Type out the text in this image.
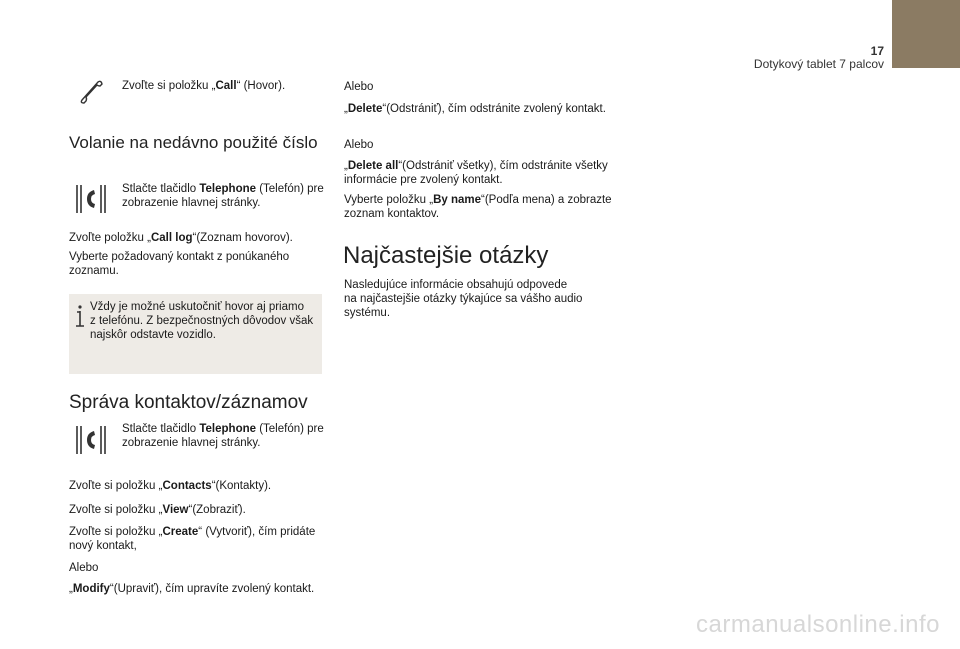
17
Dotykový tablet 7 palcov
Zvoľte si položku „Call“ (Hovor).
Volanie na nedávno použité číslo
Stlačte tlačidlo Telephone (Telefón) pre
zobrazenie hlavnej stránky.
Zvoľte položku „Call log“(Zoznam hovorov).
Vyberte požadovaný kontakt z ponúkaného
zoznamu.
Vždy je možné uskutočniť hovor aj priamo
z telefónu. Z bezpečnostných dôvodov však
najskôr odstavte vozidlo.
Správa kontaktov/záznamov
Stlačte tlačidlo Telephone (Telefón) pre
zobrazenie hlavnej stránky.
Zvoľte si položku „Contacts“(Kontakty).
Zvoľte si položku „View“(Zobraziť).
Zvoľte si položku „Create“ (Vytvoriť), čím pridáte
nový kontakt,
Alebo
„Modify“(Upraviť), čím upravíte zvolený kontakt.
Alebo
„Delete“(Odstrániť), čím odstránite zvolený kontakt.
Alebo
„Delete all“(Odstrániť všetky), čím odstránite všetky
informácie pre zvolený kontakt.
Vyberte položku „By name“(Podľa mena) a zobrazte
zoznam kontaktov.
Najčastejšie otázky
Nasledujúce informácie obsahujú odpovede
na najčastejšie otázky týkajúce sa vášho audio
systému.
carmanualsonline.info
